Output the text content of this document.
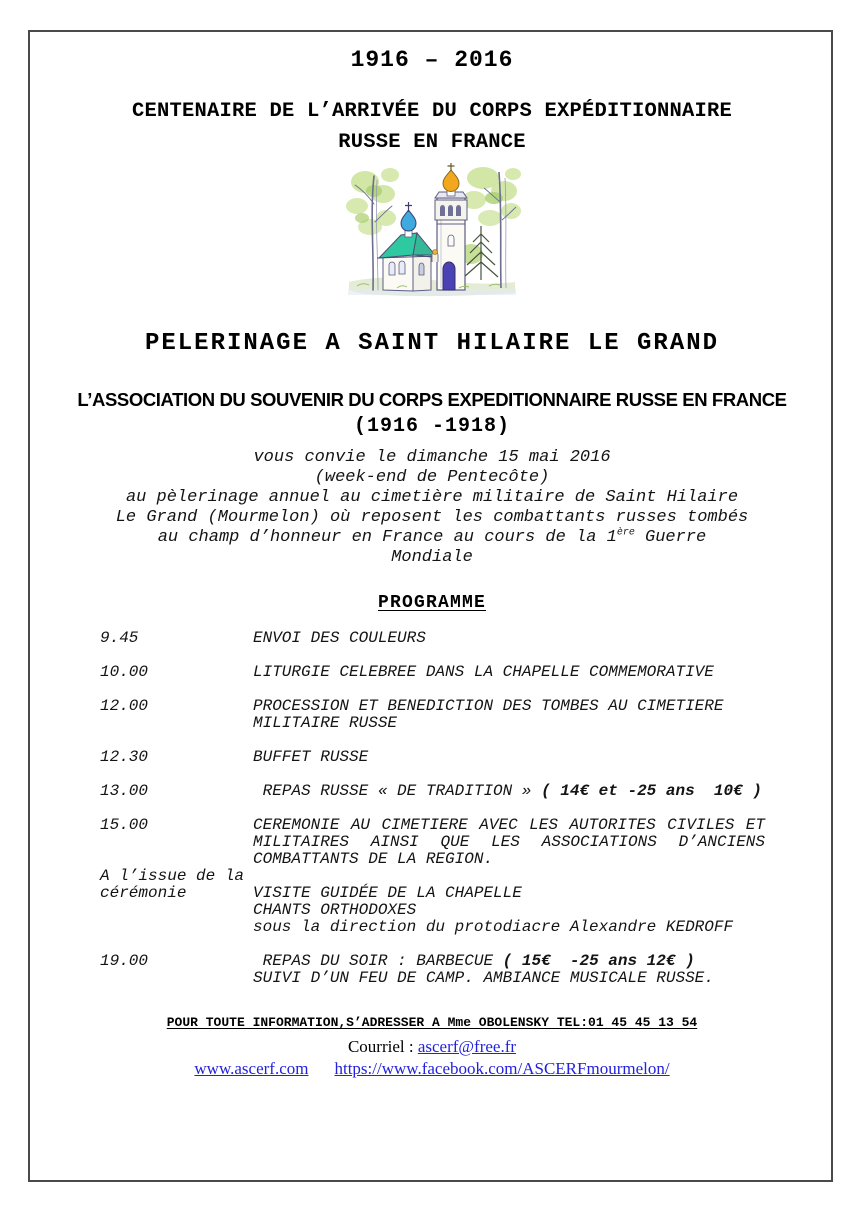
1916 – 2016
CENTENAIRE DE L’ARRIVÉE DU CORPS EXPÉDITIONNAIRE
RUSSE EN FRANCE
PELERINAGE A SAINT HILAIRE LE GRAND
L’ASSOCIATION DU SOUVENIR DU CORPS EXPEDITIONNAIRE RUSSE EN FRANCE
(1916 -1918)
vous convie le dimanche 15 mai 2016
(week-end de Pentecôte)
au pèlerinage annuel au cimetière militaire de Saint Hilaire
Le Grand (Mourmelon) où reposent les combattants russes tombés
au champ d’honneur en France au cours de la 1ère Guerre
Mondiale
PROGRAMME
9.45	ENVOI DES COULEURS
10.00	LITURGIE CELEBREE DANS LA CHAPELLE COMMEMORATIVE
12.00	PROCESSION ET BENEDICTION DES TOMBES AU CIMETIERE
MILITAIRE RUSSE
12.30	BUFFET RUSSE
13.00	REPAS RUSSE « DE TRADITION » ( 14€ et -25 ans  10€ )
15.00	CEREMONIE AU CIMETIERE AVEC LES AUTORITES CIVILES ET
MILITAIRES AINSI QUE LES ASSOCIATIONS D’ANCIENS
COMBATTANTS DE LA REGION.
A l’issue de la cérémonie	VISITE GUIDÉE DE LA CHAPELLE
CHANTS ORTHODOXES
sous la direction du protodiacre Alexandre KEDROFF
19.00	REPAS DU SOIR : BARBECUE ( 15€  -25 ans 12€ )
SUIVI D’UN FEU DE CAMP. AMBIANCE MUSICALE RUSSE.
POUR TOUTE INFORMATION,S’ADRESSER A Mme OBOLENSKY TEL:01 45 45 13 54
Courriel : ascerf@free.fr
www.ascerf.com https://www.facebook.com/ASCERFmourmelon/
